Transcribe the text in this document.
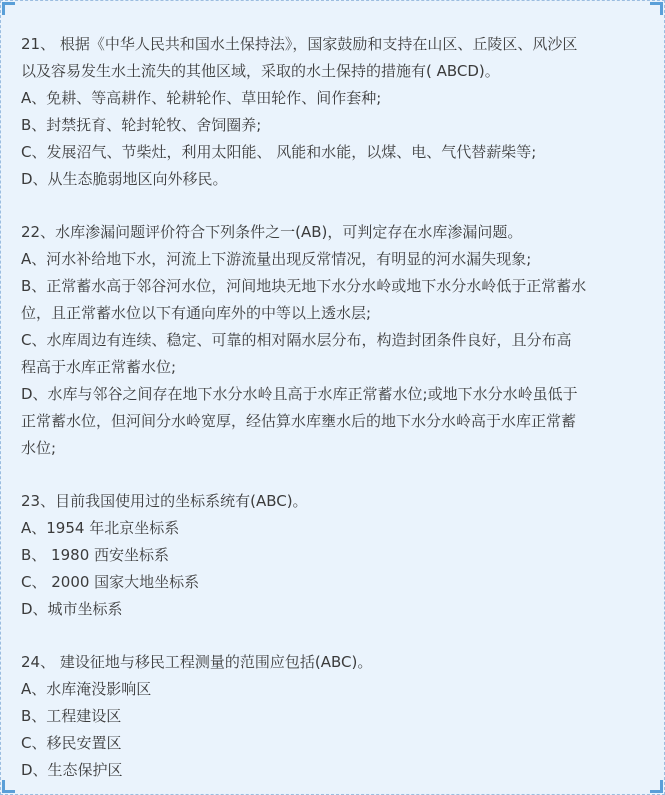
21、 根据《中华人民共和国水土保持法》，国家鼓励和支持在山区、丘陵区、风沙区
以及容易发生水土流失的其他区域，采取的水土保持的措施有( ABCD)。
A、免耕、等高耕作、轮耕轮作、草田轮作、间作套种;
B、封禁抚育、轮封轮牧、舍饲圈养;
C、发展沼气、节柴灶，利用太阳能、 风能和水能，以煤、电、气代替薪柴等;
D、从生态脆弱地区向外移民。
22、水库渗漏问题评价符合下列条件之一(AB)，可判定存在水库渗漏问题。
A、河水补给地下水，河流上下游流量出现反常情况，有明显的河水漏失现象;
B、正常蓄水高于邻谷河水位，河间地块无地下水分水岭或地下水分水岭低于正常蓄水
位，且正常蓄水位以下有通向库外的中等以上透水层;
C、水库周边有连续、稳定、可靠的相对隔水层分布，构造封团条件良好，且分布高
程高于水库正常蓄水位;
D、水库与邻谷之间存在地下水分水岭且高于水库正常蓄水位;或地下水分水岭虽低于
正常蓄水位，但河间分水岭宽厚，经估算水库壅水后的地下水分水岭高于水库正常蓄
水位;
23、目前我国使用过的坐标系统有(ABC)。
A、1954 年北京坐标系
B、 1980 西安坐标系
C、 2000 国家大地坐标系
D、城市坐标系
24、 建设征地与移民工程测量的范围应包括(ABC)。
A、水库淹没影响区
B、工程建设区
C、移民安置区
D、生态保护区
